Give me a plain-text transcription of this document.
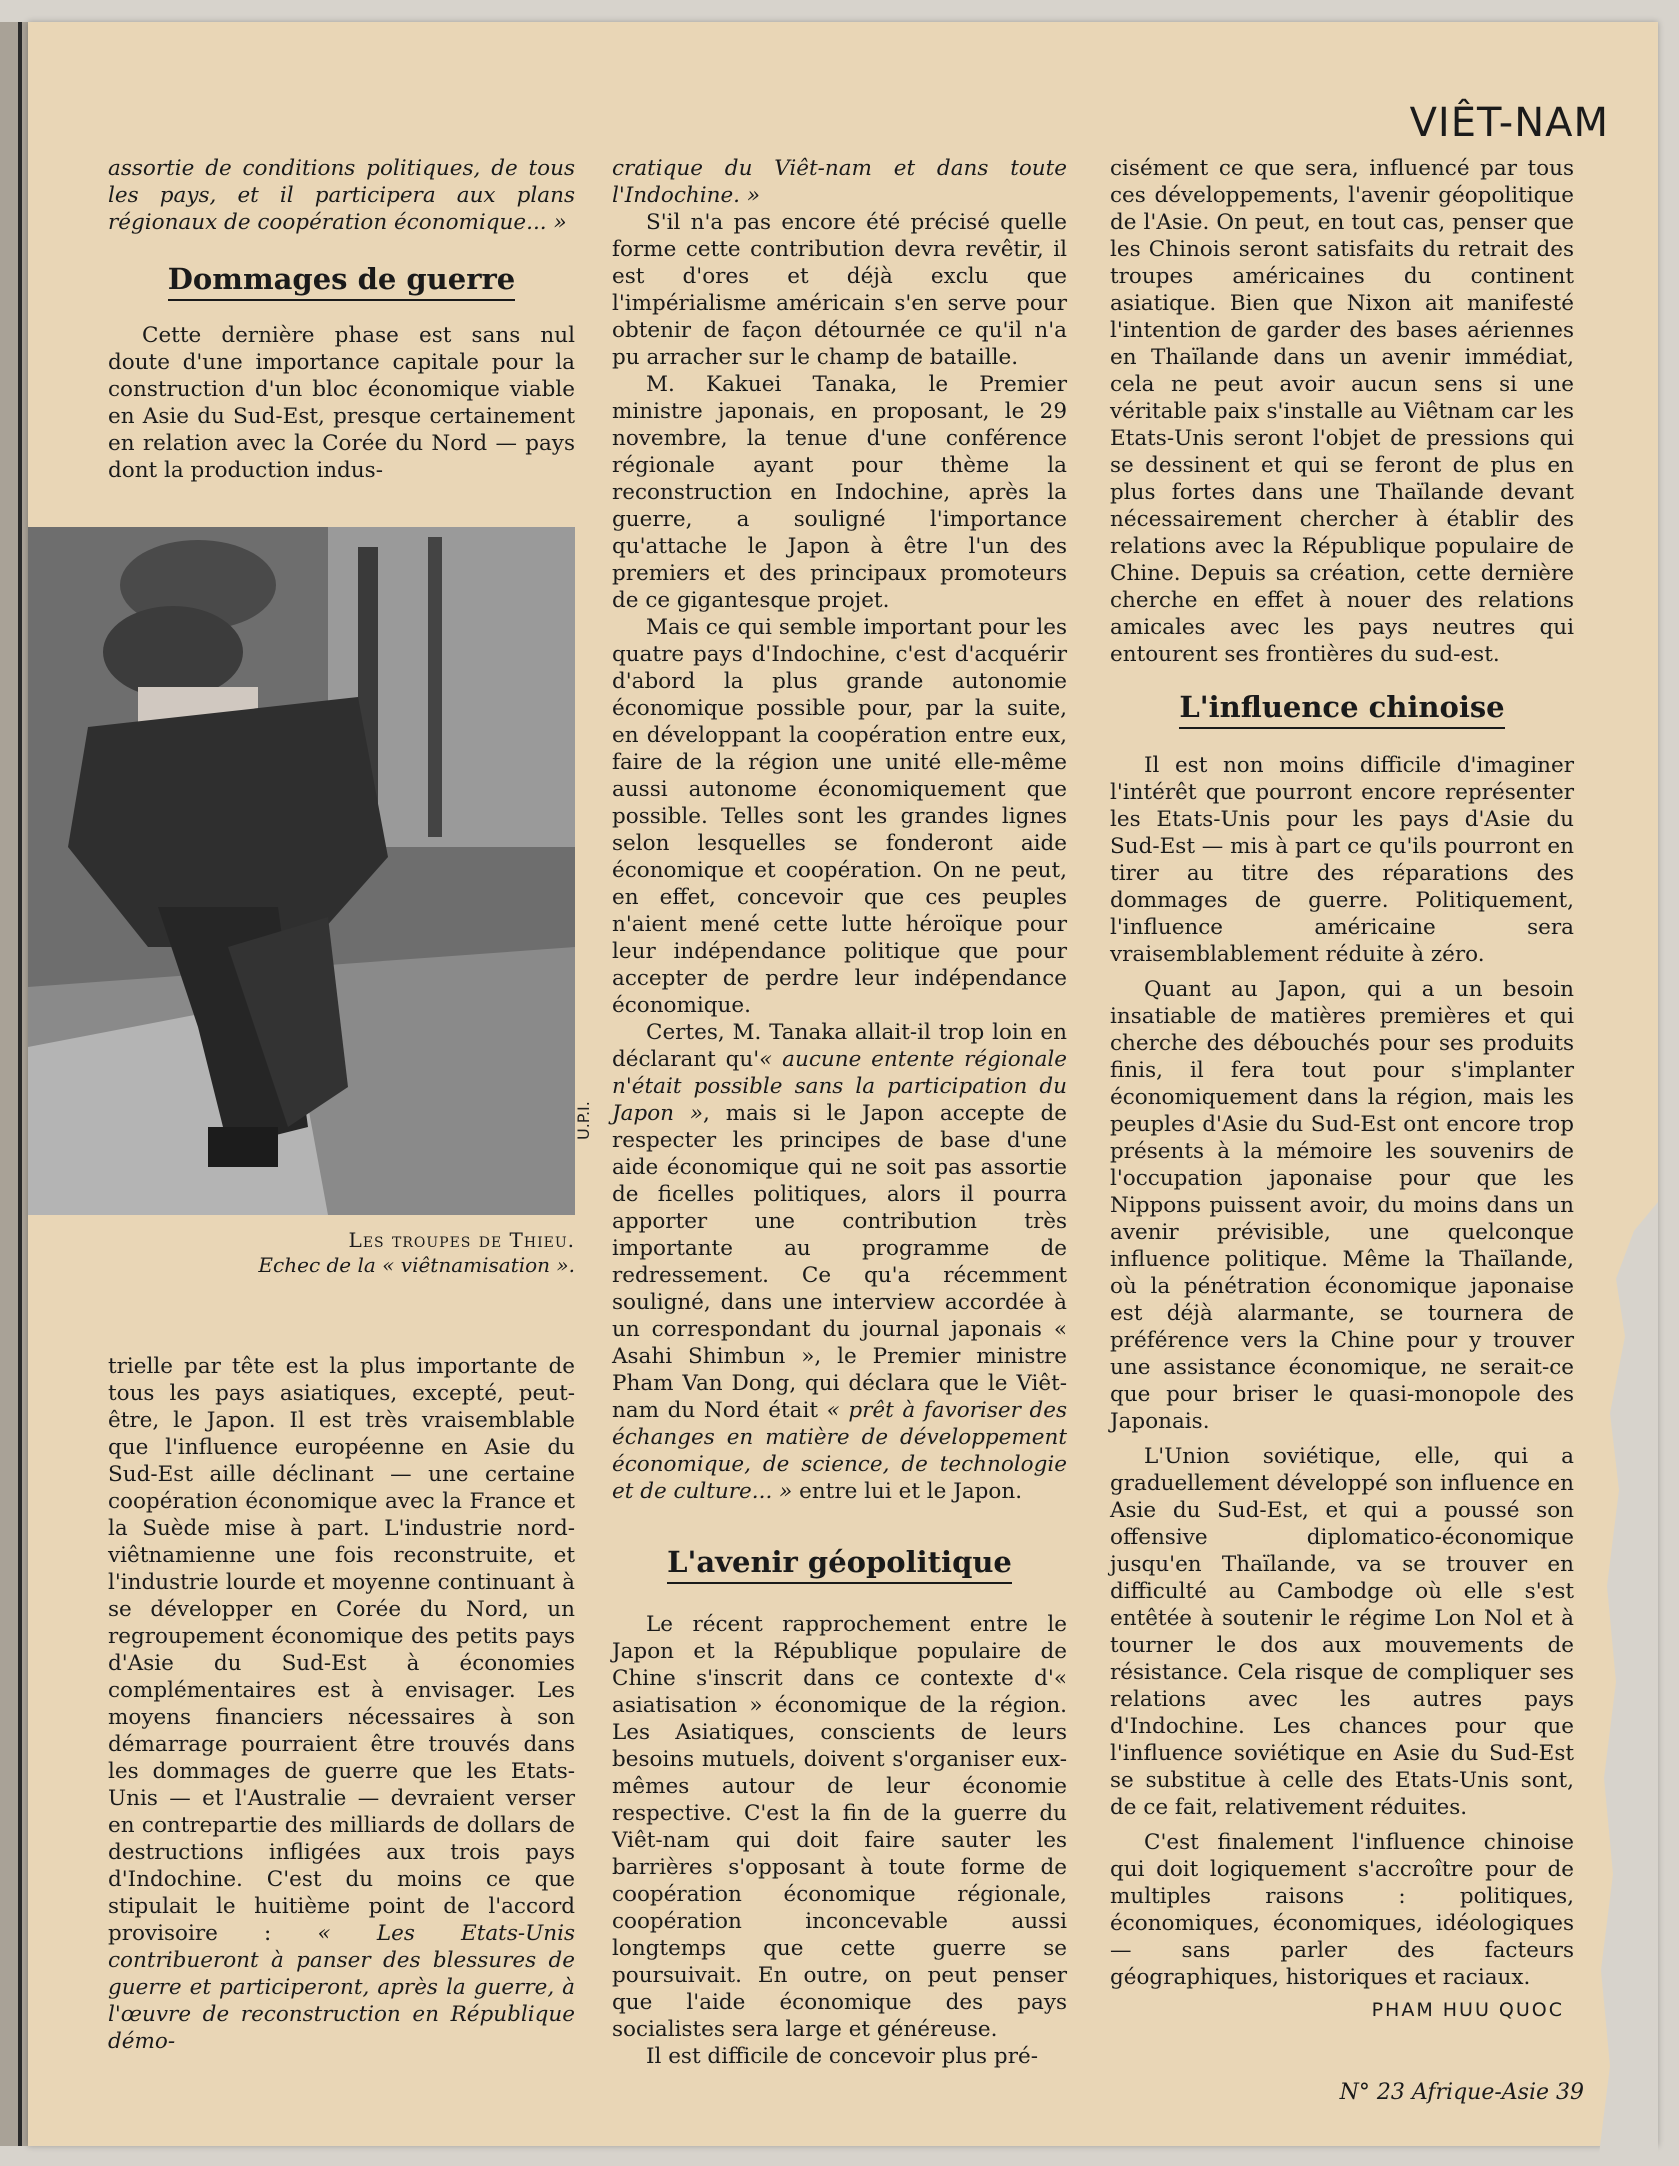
VIÊT-NAM

assortie de conditions politiques, de tous les pays, et il participera aux plans régionaux de coopération économique... »

Dommages de guerre

Cette dernière phase est sans nul doute d'une importance capitale pour la construction d'un bloc économique viable en Asie du Sud-Est, presque certainement en relation avec la Corée du Nord — pays dont la production indus-

U.P.I.
Les troupes de Thieu.
Echec de la « viêtnamisation ».

trielle par tête est la plus importante de tous les pays asiatiques, excepté, peut-être, le Japon. Il est très vraisemblable que l'influence européenne en Asie du Sud-Est aille déclinant — une certaine coopération économique avec la France et la Suède mise à part. L'industrie nord-viêtnamienne une fois reconstruite, et l'industrie lourde et moyenne continuant à se développer en Corée du Nord, un regroupement économique des petits pays d'Asie du Sud-Est à économies complémentaires est à envisager. Les moyens financiers nécessaires à son démarrage pourraient être trouvés dans les dommages de guerre que les Etats-Unis — et l'Australie — devraient verser en contrepartie des milliards de dollars de destructions infligées aux trois pays d'Indochine. C'est du moins ce que stipulait le huitième point de l'accord provisoire : « Les Etats-Unis contribueront à panser des blessures de guerre et participeront, après la guerre, à l'œuvre de reconstruction en République démo-

cratique du Viêt-nam et dans toute l'Indochine. »

S'il n'a pas encore été précisé quelle forme cette contribution devra revêtir, il est d'ores et déjà exclu que l'impérialisme américain s'en serve pour obtenir de façon détournée ce qu'il n'a pu arracher sur le champ de bataille.

M. Kakuei Tanaka, le Premier ministre japonais, en proposant, le 29 novembre, la tenue d'une conférence régionale ayant pour thème la reconstruction en Indochine, après la guerre, a souligné l'importance qu'attache le Japon à être l'un des premiers et des principaux promoteurs de ce gigantesque projet.

Mais ce qui semble important pour les quatre pays d'Indochine, c'est d'acquérir d'abord la plus grande autonomie économique possible pour, par la suite, en développant la coopération entre eux, faire de la région une unité elle-même aussi autonome économiquement que possible. Telles sont les grandes lignes selon lesquelles se fonderont aide économique et coopération. On ne peut, en effet, concevoir que ces peuples n'aient mené cette lutte héroïque pour leur indépendance politique que pour accepter de perdre leur indépendance économique.

Certes, M. Tanaka allait-il trop loin en déclarant qu'« aucune entente régionale n'était possible sans la participation du Japon », mais si le Japon accepte de respecter les principes de base d'une aide économique qui ne soit pas assortie de ficelles politiques, alors il pourra apporter une contribution très importante au programme de redressement. Ce qu'a récemment souligné, dans une interview accordée à un correspondant du journal japonais « Asahi Shimbun », le Premier ministre Pham Van Dong, qui déclara que le Viêt-nam du Nord était « prêt à favoriser des échanges en matière de développement économique, de science, de technologie et de culture... » entre lui et le Japon.

L'avenir géopolitique

Le récent rapprochement entre le Japon et la République populaire de Chine s'inscrit dans ce contexte d'« asiatisation » économique de la région. Les Asiatiques, conscients de leurs besoins mutuels, doivent s'organiser eux-mêmes autour de leur économie respective. C'est la fin de la guerre du Viêt-nam qui doit faire sauter les barrières s'opposant à toute forme de coopération économique régionale, coopération inconcevable aussi longtemps que cette guerre se poursuivait. En outre, on peut penser que l'aide économique des pays socialistes sera large et généreuse.

Il est difficile de concevoir plus pré-

cisément ce que sera, influencé par tous ces développements, l'avenir géopolitique de l'Asie. On peut, en tout cas, penser que les Chinois seront satisfaits du retrait des troupes américaines du continent asiatique. Bien que Nixon ait manifesté l'intention de garder des bases aériennes en Thaïlande dans un avenir immédiat, cela ne peut avoir aucun sens si une véritable paix s'installe au Viêtnam car les Etats-Unis seront l'objet de pressions qui se dessinent et qui se feront de plus en plus fortes dans une Thaïlande devant nécessairement chercher à établir des relations avec la République populaire de Chine. Depuis sa création, cette dernière cherche en effet à nouer des relations amicales avec les pays neutres qui entourent ses frontières du sud-est.

L'influence chinoise

Il est non moins difficile d'imaginer l'intérêt que pourront encore représenter les Etats-Unis pour les pays d'Asie du Sud-Est — mis à part ce qu'ils pourront en tirer au titre des réparations des dommages de guerre. Politiquement, l'influence américaine sera vraisemblablement réduite à zéro.

Quant au Japon, qui a un besoin insatiable de matières premières et qui cherche des débouchés pour ses produits finis, il fera tout pour s'implanter économiquement dans la région, mais les peuples d'Asie du Sud-Est ont encore trop présents à la mémoire les souvenirs de l'occupation japonaise pour que les Nippons puissent avoir, du moins dans un avenir prévisible, une quelconque influence politique. Même la Thaïlande, où la pénétration économique japonaise est déjà alarmante, se tournera de préférence vers la Chine pour y trouver une assistance économique, ne serait-ce que pour briser le quasi-monopole des Japonais.

L'Union soviétique, elle, qui a graduellement développé son influence en Asie du Sud-Est, et qui a poussé son offensive diplomatico-économique jusqu'en Thaïlande, va se trouver en difficulté au Cambodge où elle s'est entêtée à soutenir le régime Lon Nol et à tourner le dos aux mouvements de résistance. Cela risque de compliquer ses relations avec les autres pays d'Indochine. Les chances pour que l'influence soviétique en Asie du Sud-Est se substitue à celle des Etats-Unis sont, de ce fait, relativement réduites.

C'est finalement l'influence chinoise qui doit logiquement s'accroître pour de multiples raisons : politiques, économiques, économiques, idéologiques — sans parler des facteurs géographiques, historiques et raciaux.

PHAM HUU QUOC
N° 23 Afrique-Asie 39
